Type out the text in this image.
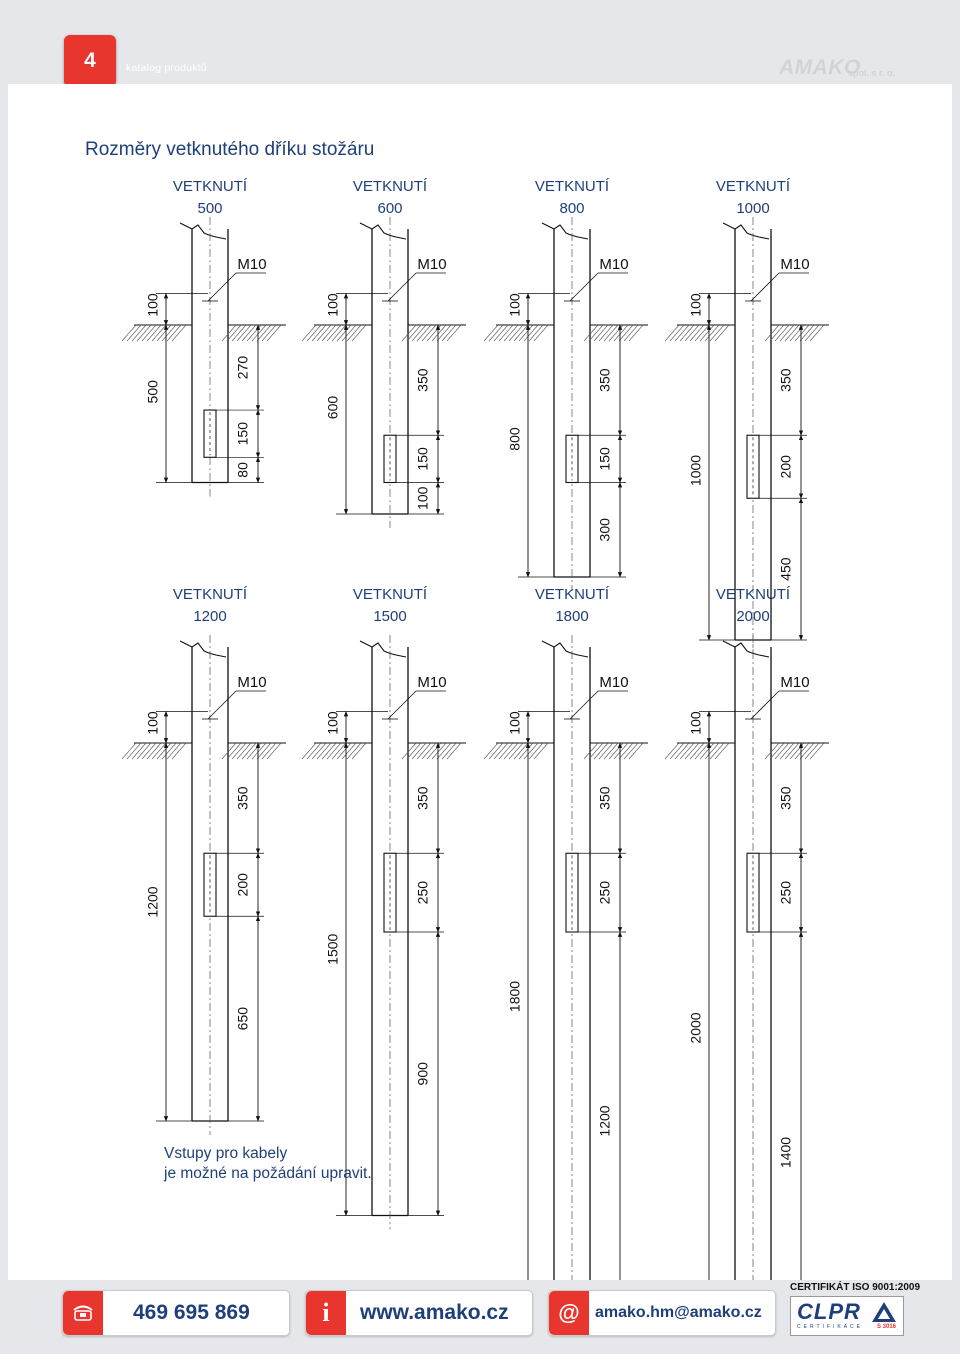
4	katalog produktů	AMAKO
spol. s r. o.
Rozměry vetknutého dříku stožáru
VETKNUTÍ
500
VETKNUTÍ
600
VETKNUTÍ
800
VETKNUTÍ
1000
VETKNUTÍ
1200
VETKNUTÍ
1500
VETKNUTÍ
1800
VETKNUTÍ
2000
M10
100
500
270
150
80
M10
100
600
350
150
100
M10
100
800
350
150
300
M10
100
1000
350
200
450
M10
100
1200
350
200
650
M10
100
1500
350
250
900
M10
100
1800
350
250
1200
M10
100
2000
350
250
1400
Vstupy pro kabely
je možné na požádání upravit.
469 695 869	i	www.amako.cz	@ amako.hm@amako.cz
CERTIFIKÁT ISO 9001:2009
CLPR
CERTIFIKACE S 3016
